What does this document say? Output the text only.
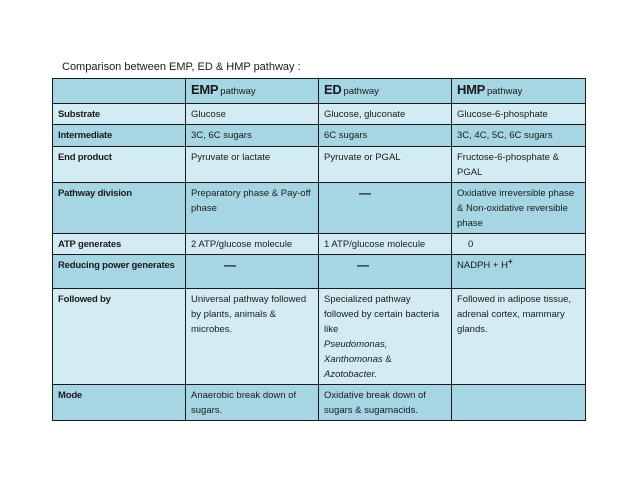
Comparison between EMP, ED & HMP pathway :
	EMP pathway	ED pathway	HMP pathway
Substrate	Glucose	Glucose, gluconate	Glucose-6-phosphate
Intermediate	3C, 6C sugars	6C sugars	3C, 4C, 5C, 6C sugars
End product	Pyruvate or lactate	Pyruvate or PGAL	Fructose-6-phosphate & PGAL
Pathway division	Preparatory phase & Pay-off phase	—	Oxidative irreversible phase & Non-oxidative reversible phase
ATP generates	2 ATP/glucose molecule	1 ATP/glucose molecule	0
Reducing power generates	—	—	NADPH + H+
Followed by	Universal pathway followed by plants, animals & microbes.	Specialized pathway followed by certain bacteria like
Pseudomonas,
Xanthomonas &
Azotobacter.	Followed in adipose tissue, adrenal cortex, mammary glands.
Mode	Anaerobic break down of sugars.	Oxidative break down of sugars & sugarnacids.	
